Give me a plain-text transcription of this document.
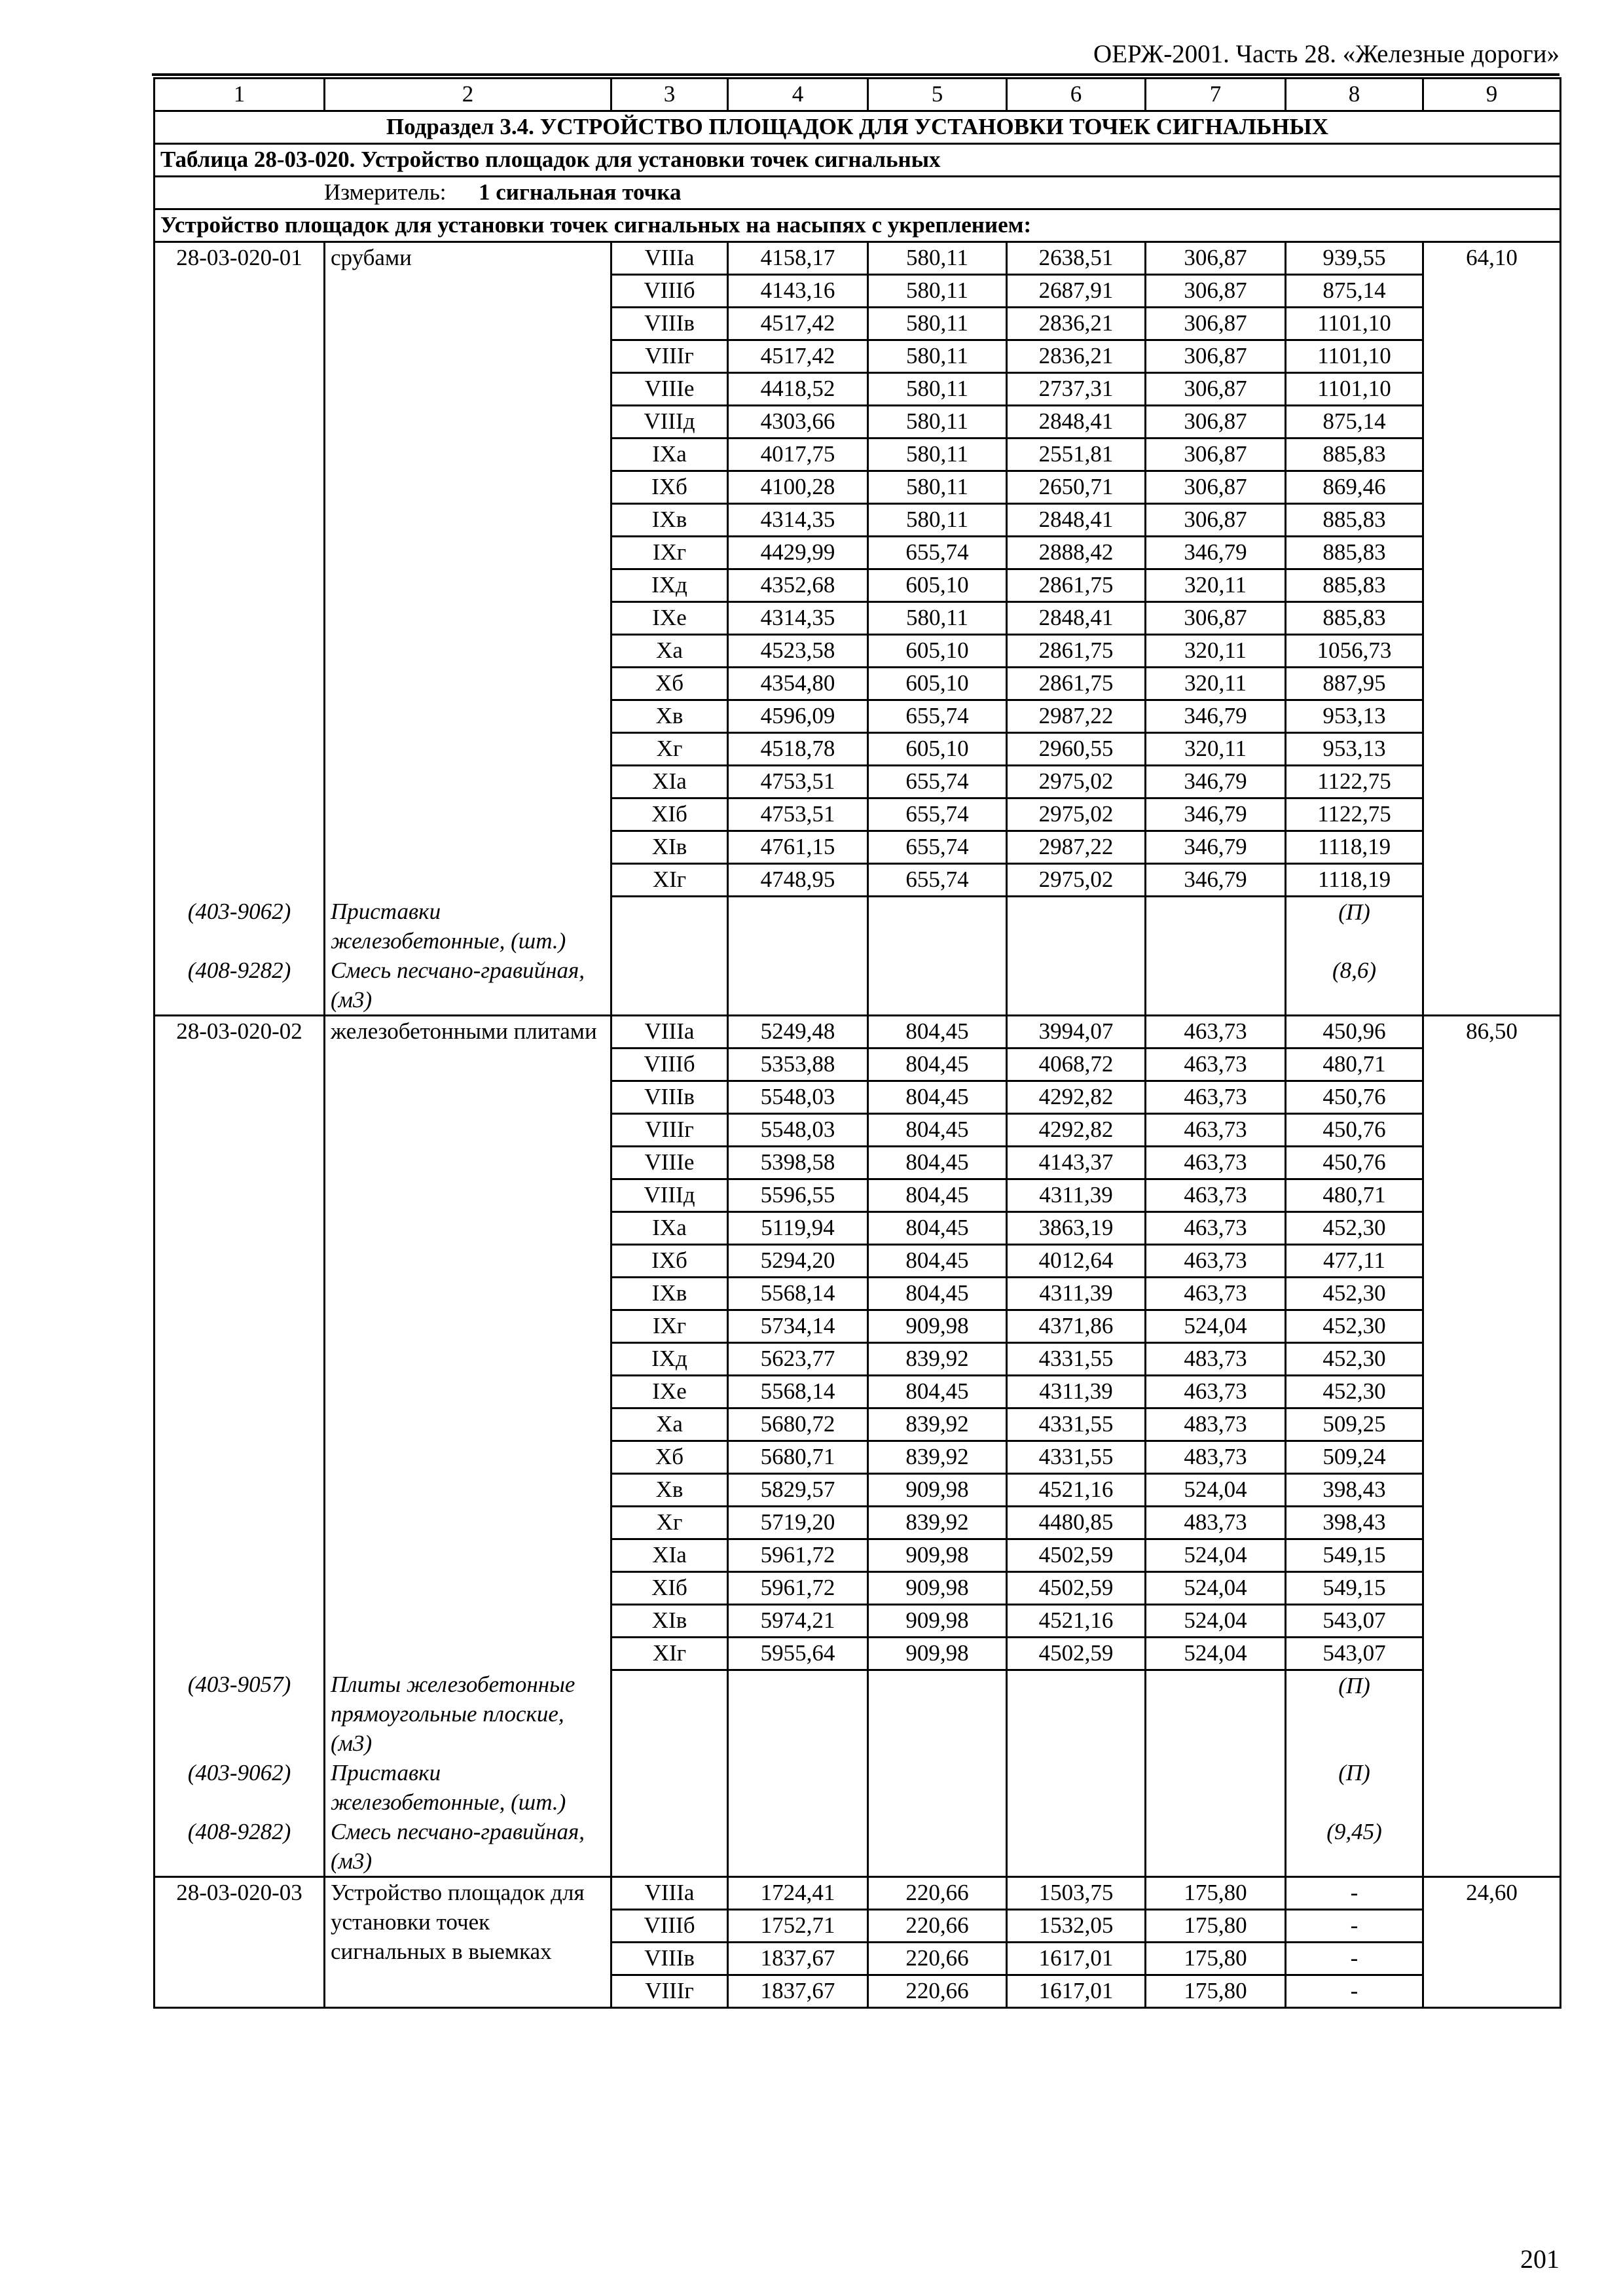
ОЕРЖ-2001. Часть 28. «Железные дороги»
1	2	3	4	5	6	7	8	9
Подраздел 3.4. УСТРОЙСТВО ПЛОЩАДОК ДЛЯ УСТАНОВКИ ТОЧЕК СИГНАЛЬНЫХ								
Таблица 28-03-020. Устройство площадок для установки точек сигнальных								
Измеритель: 1 сигнальная точка								
Устройство площадок для установки точек сигнальных на насыпях с укреплением:								
28-03-020-01	срубами	VIIIа	4158,17	580,11	2638,51	306,87	939,55	64,10
		VIIIб	4143,16	580,11	2687,91	306,87	875,14	
		VIIIв	4517,42	580,11	2836,21	306,87	1101,10	
		VIIIг	4517,42	580,11	2836,21	306,87	1101,10	
		VIIIе	4418,52	580,11	2737,31	306,87	1101,10	
		VIIIд	4303,66	580,11	2848,41	306,87	875,14	
		IXа	4017,75	580,11	2551,81	306,87	885,83	
		IXб	4100,28	580,11	2650,71	306,87	869,46	
		IXв	4314,35	580,11	2848,41	306,87	885,83	
		IXг	4429,99	655,74	2888,42	346,79	885,83	
		IXд	4352,68	605,10	2861,75	320,11	885,83	
		IXе	4314,35	580,11	2848,41	306,87	885,83	
		Xа	4523,58	605,10	2861,75	320,11	1056,73	
		Xб	4354,80	605,10	2861,75	320,11	887,95	
		Xв	4596,09	655,74	2987,22	346,79	953,13	
		Xг	4518,78	605,10	2960,55	320,11	953,13	
		XIа	4753,51	655,74	2975,02	346,79	1122,75	
		XIб	4753,51	655,74	2975,02	346,79	1122,75	
		XIв	4761,15	655,74	2987,22	346,79	1118,19	
		XIг	4748,95	655,74	2975,02	346,79	1118,19	
(403-9062)	Приставки железобетонные, (шт.)						(П)	
(408-9282)	Смесь песчано-гравийная, (м3)						(8,6)	
28-03-020-02	железобетонными плитами	VIIIа	5249,48	804,45	3994,07	463,73	450,96	86,50
		VIIIб	5353,88	804,45	4068,72	463,73	480,71	
		VIIIв	5548,03	804,45	4292,82	463,73	450,76	
		VIIIг	5548,03	804,45	4292,82	463,73	450,76	
		VIIIе	5398,58	804,45	4143,37	463,73	450,76	
		VIIIд	5596,55	804,45	4311,39	463,73	480,71	
		IXа	5119,94	804,45	3863,19	463,73	452,30	
		IXб	5294,20	804,45	4012,64	463,73	477,11	
		IXв	5568,14	804,45	4311,39	463,73	452,30	
		IXг	5734,14	909,98	4371,86	524,04	452,30	
		IXд	5623,77	839,92	4331,55	483,73	452,30	
		IXе	5568,14	804,45	4311,39	463,73	452,30	
		Xа	5680,72	839,92	4331,55	483,73	509,25	
		Xб	5680,71	839,92	4331,55	483,73	509,24	
		Xв	5829,57	909,98	4521,16	524,04	398,43	
		Xг	5719,20	839,92	4480,85	483,73	398,43	
		XIа	5961,72	909,98	4502,59	524,04	549,15	
		XIб	5961,72	909,98	4502,59	524,04	549,15	
		XIв	5974,21	909,98	4521,16	524,04	543,07	
		XIг	5955,64	909,98	4502,59	524,04	543,07	
(403-9057)	Плиты железобетонные прямоугольные плоские, (м3)						(П)	
(403-9062)	Приставки железобетонные, (шт.)						(П)	
(408-9282)	Смесь песчано-гравийная, (м3)						(9,45)	
28-03-020-03	Устройство площадок для установки точек сигнальных в выемках	VIIIа	1724,41	220,66	1503,75	175,80	-	24,60
		VIIIб	1752,71	220,66	1532,05	175,80	-	
		VIIIв	1837,67	220,66	1617,01	175,80	-	
		VIIIг	1837,67	220,66	1617,01	175,80	-	
201
